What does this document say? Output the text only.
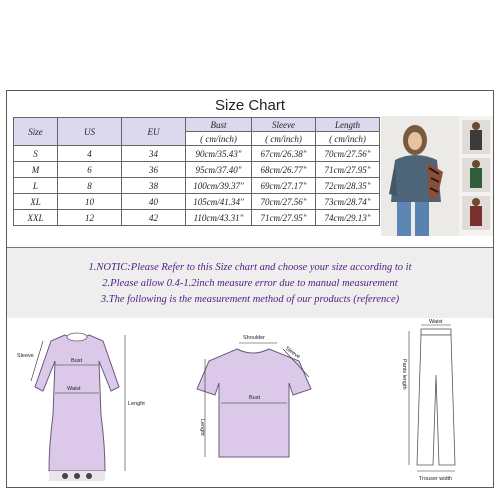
Size Chart
Size	US	EU	Bust	Sleeve	Length
			( cm/inch)	( cm/inch)	( cm/inch)
S	4	34	90cm/35.43"	67cm/26.38"	70cm/27.56"
M	6	36	95cm/37.40"	68cm/26.77"	71cm/27.95"
L	8	38	100cm/39.37"	69cm/27.17"	72cm/28.35"
XL	10	40	105cm/41.34"	70cm/27.56"	73cm/28.74"
XXL	12	42	110cm/43.31"	71cm/27.95"	74cm/29.13"
1.NOTIC:Please Refer to this Size chart and choose your size according to it
2.Please allow 0.4-1.2inch measure error due to manual measurement
3.The following is the measurement method of our products (reference)
Bust
Waist
Sleeve
Lenght
Shoulder
Sleeve
Bust
Lenght
Waist
Pants length
Trouser width
